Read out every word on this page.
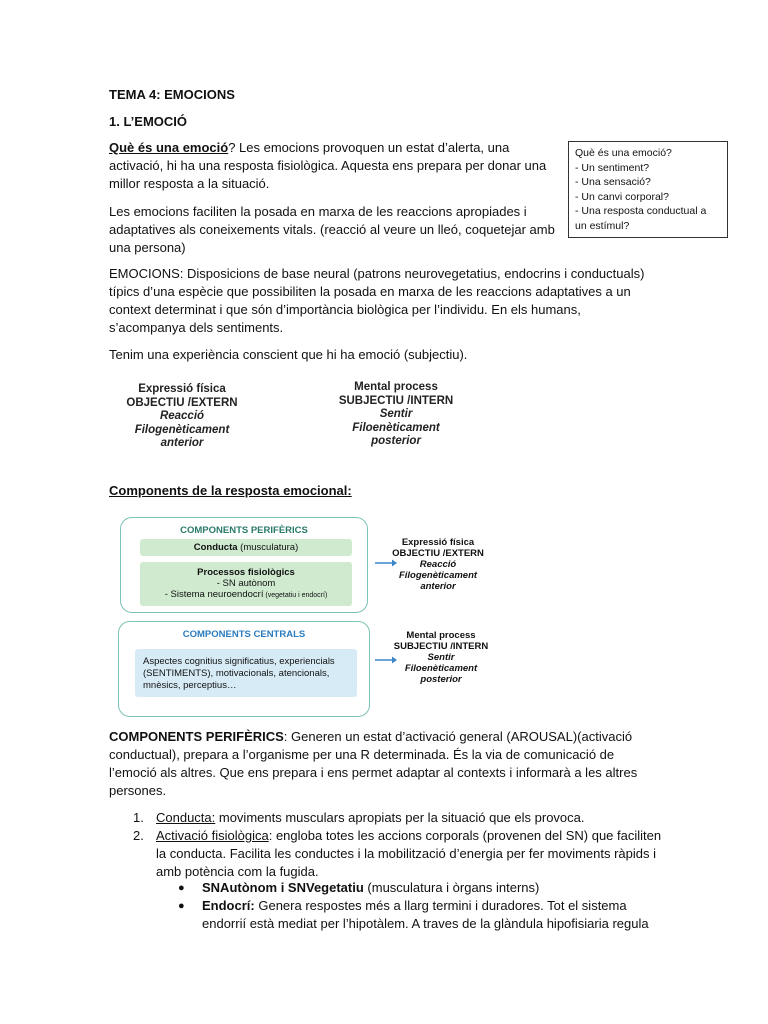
TEMA 4: EMOCIONS

1. L’EMOCIÓ

Què és una emoció? Les emocions provoquen un estat d’alerta, una

activació, hi ha una resposta fisiològica. Aquesta ens prepara per donar una

millor resposta a la situació.

Què és una emoció?
- Un sentiment?
- Una sensació?
- Un canvi corporal?
- Una resposta conductual a
un estímul?

Les emocions faciliten la posada en marxa de les reaccions apropiades i

adaptatives als coneixements vitals. (reacció al veure un lleó, coquetejar amb

una persona)

EMOCIONS: Disposicions de base neural (patrons neurovegetatius, endocrins i conductuals)

típics d’una espècie que possibiliten la posada en marxa de les reaccions adaptatives a un

context determinat i que són d’importància biològica per l’individu. En els humans,

s’acompanya dels sentiments.

Tenim una experiència conscient que hi ha emoció (subjectiu).

Expressió física
OBJECTIU /EXTERN
Reacció
Filogenèticament
anterior
Mental process
SUBJECTIU /INTERN
Sentir
Filoenèticament
posterior

Components de la resposta emocional:

COMPONENTS PERIFÈRICS
Conducta (musculatura)
Processos fisiològics
- SN autònom
- Sistema neuroendocrí (vegetatiu i endocrí)
COMPONENTS CENTRALS
Aspectes cognitius significatius, experiencials
(SENTIMENTS), motivacionals, atencionals,
mnèsics, perceptius…
Expressió física
OBJECTIU /EXTERN
Reacció
Filogenèticament
anterior
Mental process
SUBJECTIU /INTERN
Sentir
Filoenèticament
posterior

COMPONENTS PERIFÈRICS: Generen un estat d’activació general (AROUSAL)(activació

conductual), prepara a l’organisme per una R determinada. És la via de comunicació de

l’emoció als altres. Que ens prepara i ens permet adaptar al contexts i informarà a les altres

persones.

1. Conducta: moviments musculars apropiats per la situació que els provoca.

2. Activació fisiològica: engloba totes les accions corporals (provenen del SN) que faciliten

la conducta. Facilita les conductes i la mobilització d’energia per fer moviments ràpids i

amb potència com la fugida.

● SNAutònom i SNVegetatiu (musculatura i òrgans interns)

● Endocrí: Genera respostes més a llarg termini i duradores. Tot el sistema

endorrií està mediat per l’hipotàlem. A traves de la glàndula hipofisiaria regula
